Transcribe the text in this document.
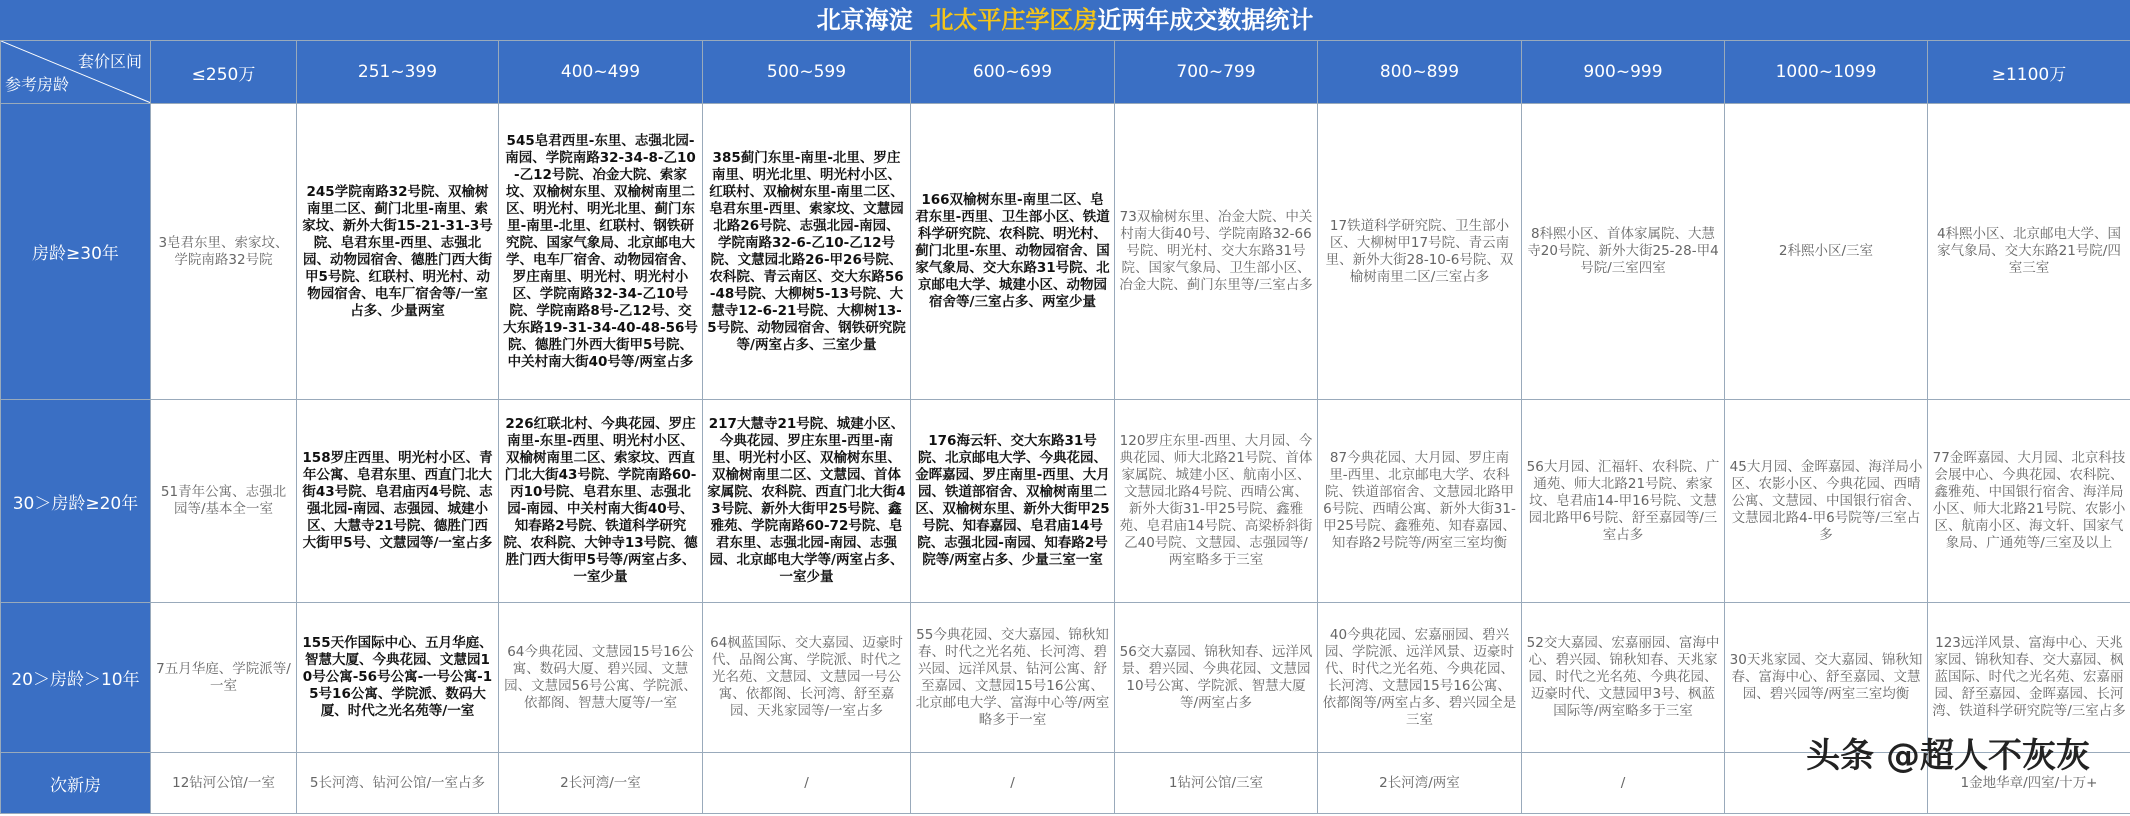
北京海淀 北太平庄学区房近两年成交数据统计
套价区间
参考房龄	≤250万	251~399	400~499	500~599	600~699	700~799	800~899	900~999	1000~1099	≥1100万
房龄≥30年	3皂君东里、索家坟、学院南路32号院	245学院南路32号院、双榆树南里二区、蓟门北里-南里、索家坟、新外大街15-21-31-3号院、皂君东里-西里、志强北园、动物园宿舍、德胜门西大街甲5号院、红联村、明光村、动物园宿舍、电车厂宿舍等/一室占多、少量两室	545皂君西里-东里、志强北园-南园、学院南路32-34-8-乙10-乙12号院、冶金大院、索家坟、双榆树东里、双榆树南里二区、明光村、明光北里、蓟门东里-南里-北里、红联村、钢铁研究院、国家气象局、北京邮电大学、电车厂宿舍、动物园宿舍、罗庄南里、明光村、明光村小区、学院南路32-34-乙10号院、学院南路8号-乙12号、交大东路19-31-34-40-48-56号院、德胜门外西大街甲5号院、中关村南大街40号等/两室占多	385蓟门东里-南里-北里、罗庄南里、明光北里、明光村小区、红联村、双榆树东里-南里二区、皂君东里-西里、索家坟、文慧园北路26号院、志强北园-南园、学院南路32-6-乙10-乙12号院、文慧园北路26-甲26号院、农科院、青云南区、交大东路56-48号院、大柳树5-13号院、大慧寺12-6-21号院、大柳树13-5号院、动物园宿舍、钢铁研究院等/两室占多、三室少量	166双榆树东里-南里二区、皂君东里-西里、卫生部小区、铁道科学研究院、农科院、明光村、蓟门北里-东里、动物园宿舍、国家气象局、交大东路31号院、北京邮电大学、城建小区、动物园宿舍等/三室占多、两室少量	73双榆树东里、冶金大院、中关村南大街40号、学院南路32-66号院、明光村、交大东路31号院、国家气象局、卫生部小区、冶金大院、蓟门东里等/三室占多	17铁道科学研究院、卫生部小区、大柳树甲17号院、青云南里、新外大街28-10-6号院、双榆树南里二区/三室占多	8科熙小区、首体家属院、大慧寺20号院、新外大街25-28-甲4号院/三室四室	2科熙小区/三室	4科熙小区、北京邮电大学、国家气象局、交大东路21号院/四室三室
30＞房龄≥20年	51青年公寓、志强北园等/基本全一室	158罗庄西里、明光村小区、青年公寓、皂君东里、西直门北大街43号院、皂君庙丙4号院、志强北园-南园、志强园、城建小区、大慧寺21号院、德胜门西大街甲5号、文慧园等/一室占多	226红联北村、今典花园、罗庄南里-东里-西里、明光村小区、双榆树南里二区、索家坟、西直门北大街43号院、学院南路60-丙10号院、皂君东里、志强北园-南园、中关村南大街40号、知春路2号院、铁道科学研究院、农科院、大钟寺13号院、德胜门西大街甲5号等/两室占多、一室少量	217大慧寺21号院、城建小区、今典花园、罗庄东里-西里-南里、明光村小区、双榆树东里、双榆树南里二区、文慧园、首体家属院、农科院、西直门北大街43号院、新外大街甲25号院、鑫雅苑、学院南路60-72号院、皂君东里、志强北园-南园、志强园、北京邮电大学等/两室占多、一室少量	176海云轩、交大东路31号院、北京邮电大学、今典花园、金晖嘉园、罗庄南里-西里、大月园、铁道部宿舍、双榆树南里二区、双榆树东里、新外大街甲25号院、知春嘉园、皂君庙14号院、志强北园-南园、知春路2号院等/两室占多、少量三室一室	120罗庄东里-西里、大月园、今典花园、师大北路21号院、首体家属院、城建小区、航南小区、文慧园北路4号院、西晴公寓、新外大街31-甲25号院、鑫雅苑、皂君庙14号院、高梁桥斜街乙40号院、文慧园、志强园等/两室略多于三室	87今典花园、大月园、罗庄南里-西里、北京邮电大学、农科院、铁道部宿舍、文慧园北路甲6号院、西晴公寓、新外大街31-甲25号院、鑫雅苑、知春嘉园、知春路2号院等/两室三室均衡	56大月园、汇福轩、农科院、广通苑、师大北路21号院、索家坟、皂君庙14-甲16号院、文慧园北路甲6号院、舒至嘉园等/三室占多	45大月园、金晖嘉园、海洋局小区、农影小区、今典花园、西晴公寓、文慧园、中国银行宿舍、文慧园北路4-甲6号院等/三室占多	77金晖嘉园、大月园、北京科技会展中心、今典花园、农科院、鑫雅苑、中国银行宿舍、海洋局小区、师大北路21号院、农影小区、航南小区、海文轩、国家气象局、广通苑等/三室及以上
20＞房龄＞10年	7五月华庭、学院派等/一室	155天作国际中心、五月华庭、智慧大厦、今典花园、文慧园10号公寓-56号公寓-一号公寓-15号16公寓、学院派、数码大厦、时代之光名苑等/一室	64今典花园、文慧园15号16公寓、数码大厦、碧兴园、文慧园、文慧园56号公寓、学院派、依都阁、智慧大厦等/一室	64枫蓝国际、交大嘉园、迈豪时代、品阁公寓、学院派、时代之光名苑、文慧园、文慧园一号公寓、依都阁、长河湾、舒至嘉园、天兆家园等/一室占多	55今典花园、交大嘉园、锦秋知春、时代之光名苑、长河湾、碧兴园、远洋风景、钻河公寓、舒至嘉园、文慧园15号16公寓、北京邮电大学、富海中心等/两室略多于一室	56交大嘉园、锦秋知春、远洋风景、碧兴园、今典花园、文慧园10号公寓、学院派、智慧大厦等/两室占多	40今典花园、宏嘉丽园、碧兴园、学院派、远洋风景、迈豪时代、时代之光名苑、今典花园、长河湾、文慧园15号16公寓、依都阁等/两室占多、碧兴园全是三室	52交大嘉园、宏嘉丽园、富海中心、碧兴园、锦秋知春、天兆家园、时代之光名苑、今典花园、迈豪时代、文慧园甲3号、枫蓝国际等/两室略多于三室	30天兆家园、交大嘉园、锦秋知春、富海中心、舒至嘉园、文慧园、碧兴园等/两室三室均衡	123远洋风景、富海中心、天兆家园、锦秋知春、交大嘉园、枫蓝国际、时代之光名苑、宏嘉丽园、舒至嘉园、金晖嘉园、长河湾、铁道科学研究院等/三室占多
次新房	12钻河公馆/一室	5长河湾、钻河公馆/一室占多	2长河湾/一室	/	/	1钻河公馆/三室	2长河湾/两室	/		1金地华章/四室/十万+
头条 @超人不灰灰
